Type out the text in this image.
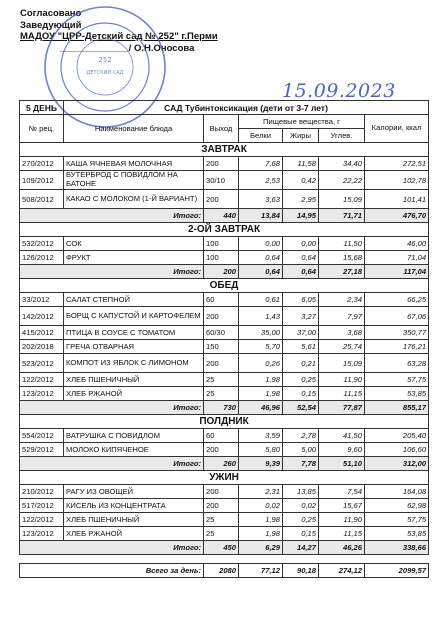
Согласовано
Заведующий
МАДОУ "ЦРР-Детский сад № 252" г.Перми
_____________/ О.Н.Оносова
252
ДЕТСКИЙ САД
15.09.2023
5 ДЕНЬ	САД Тубинтоксикация (дети от 3-7 лет)					
№ рец.	Наименование блюда	Выход	Пищевые вещества, г			Калории, ккал
			Белки	Жиры	Углев.	
ЗАВТРАК						
270/2012	КАША ЯЧНЕВАЯ МОЛОЧНАЯ	200	7,68	11,58	34,40	272,51
109/2012	БУТЕРБРОД С ПОВИДЛОМ НА БАТОНЕ	30/10	2,53	0,42	22,22	102,78
508/2012	КАКАО С МОЛОКОМ (1-Й ВАРИАНТ)	200	3,63	2,95	15,09	101,41
Итого:		440	13,84	14,95	71,71	476,70
2-ОЙ ЗАВТРАК						
532/2012	СОК	100	0,00	0,00	11,50	46,00
126/2012	ФРУКТ	100	0,64	0,64	15,68	71,04
Итого:		200	0,64	0,64	27,18	117,04
ОБЕД						
33/2012	САЛАТ СТЕПНОЙ	60	0,61	6,05	2,34	66,25
142/2012	БОРЩ С КАПУСТОЙ И КАРТОФЕЛЕМ	200	1,43	3,27	7,97	67,06
415/2012	ПТИЦА В СОУСЕ С ТОМАТОМ	60/30	35,00	37,00	3,68	350,77
202/2018	ГРЕЧА ОТВАРНАЯ	150	5,70	5,61	25,74	176,21
523/2012	КОМПОТ ИЗ ЯБЛОК С ЛИМОНОМ	200	0,26	0,21	15,09	63,28
122/2012	ХЛЕБ ПШЕНИЧНЫЙ	25	1,98	0,25	11,90	57,75
123/2012	ХЛЕБ РЖАНОЙ	25	1,98	0,15	11,15	53,85
Итого:		730	46,96	52,54	77,87	855,17
ПОЛДНИК						
554/2012	ВАТРУШКА С ПОВИДЛОМ	60	3,59	2,78	41,50	205,40
529/2012	МОЛОКО КИПЯЧЕНОЕ	200	5,80	5,00	9,60	106,60
Итого:		260	9,39	7,78	51,10	312,00
УЖИН						
210/2012	РАГУ ИЗ ОВОЩЕЙ	200	2,31	13,85	7,54	164,08
517/2012	КИСЕЛЬ ИЗ КОНЦЕНТРАТА	200	0,02	0,02	15,67	62,98
122/2012	ХЛЕБ ПШЕНИЧНЫЙ	25	1,98	0,25	11,90	57,75
123/2012	ХЛЕБ РЖАНОЙ	25	1,98	0,15	11,15	53,85
Итого:		450	6,29	14,27	46,26	338,66

Всего за день:		2080	77,12	90,18	274,12	2099,57
